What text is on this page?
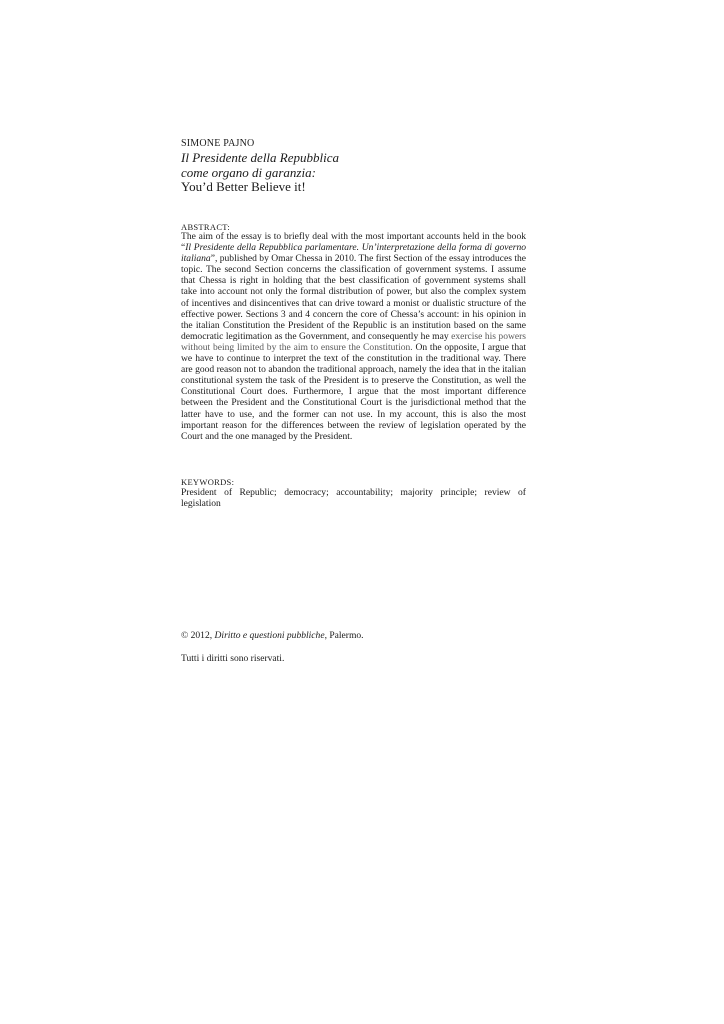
SIMONE PAJNO
Il Presidente della Repubblica
come organo di garanzia:
You’d Better Believe it!
ABSTRACT:
The aim of the essay is to briefly deal with the most important accounts held in the book “Il Presidente della Repubblica parlamentare. Un’interpretazione della forma di governo italiana”, published by Omar Chessa in 2010. The first Section of the essay introduces the topic. The second Section concerns the classification of government systems. I assume that Chessa is right in holding that the best classification of government systems shall take into account not only the formal distribution of power, but also the complex system of incentives and disincentives that can drive toward a monist or dualistic structure of the effective power. Sections 3 and 4 concern the core of Chessa’s account: in his opinion in the italian Constitution the President of the Republic is an institution based on the same democratic legitimation as the Government, and consequently he may exercise his powers without being limited by the aim to ensure the Constitution. On the opposite, I argue that we have to continue to interpret the text of the constitution in the traditional way. There are good reason not to abandon the traditional approach, namely the idea that in the italian constitutional system the task of the President is to preserve the Constitution, as well the Constitutional Court does. Furthermore, I argue that the most important difference between the President and the Constitutional Court is the jurisdictional method that the latter have to use, and the former can not use. In my account, this is also the most important reason for the differences between the review of legislation operated by the Court and the one managed by the President.
KEYWORDS:
President of Republic; democracy; accountability; majority principle; review of legislation
© 2012, Diritto e questioni pubbliche, Palermo.
Tutti i diritti sono riservati.
